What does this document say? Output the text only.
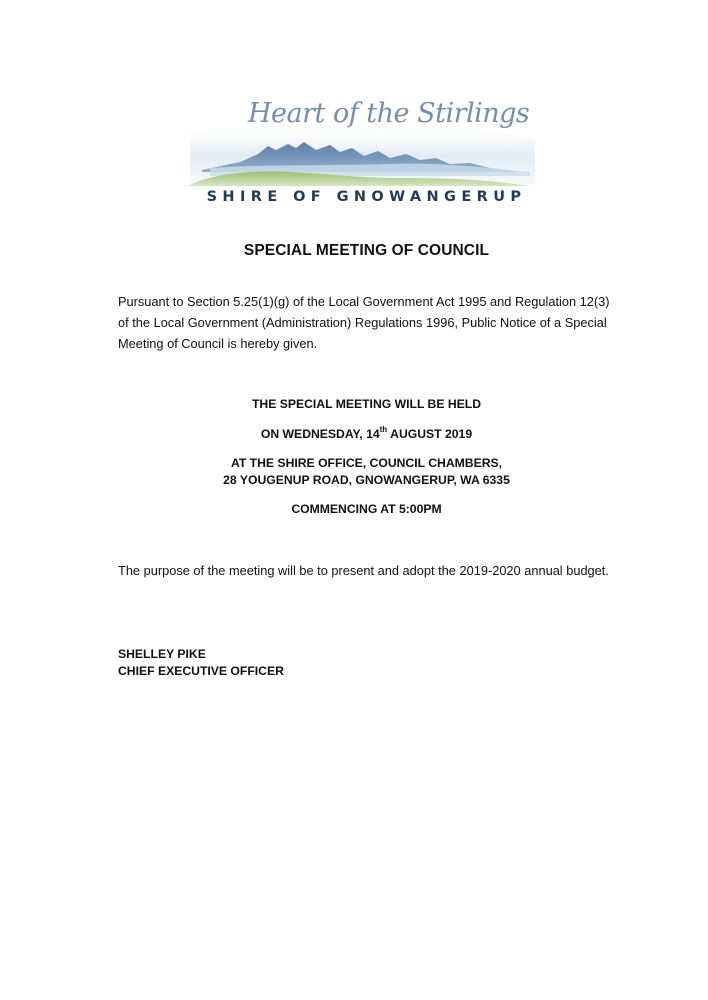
Heart of the Stirlings
SHIRE OF GNOWANGERUP
SPECIAL MEETING OF COUNCIL

Pursuant to Section 5.25(1)(g) of the Local Government Act 1995 and Regulation 12(3) of the Local Government (Administration) Regulations 1996, Public Notice of a Special Meeting of Council is hereby given.

THE SPECIAL MEETING WILL BE HELD
ON WEDNESDAY, 14th AUGUST 2019
AT THE SHIRE OFFICE, COUNCIL CHAMBERS,
28 YOUGENUP ROAD, GNOWANGERUP, WA 6335
COMMENCING AT 5:00PM

The purpose of the meeting will be to present and adopt the 2019-2020 annual budget.

SHELLEY PIKE
CHIEF EXECUTIVE OFFICER
